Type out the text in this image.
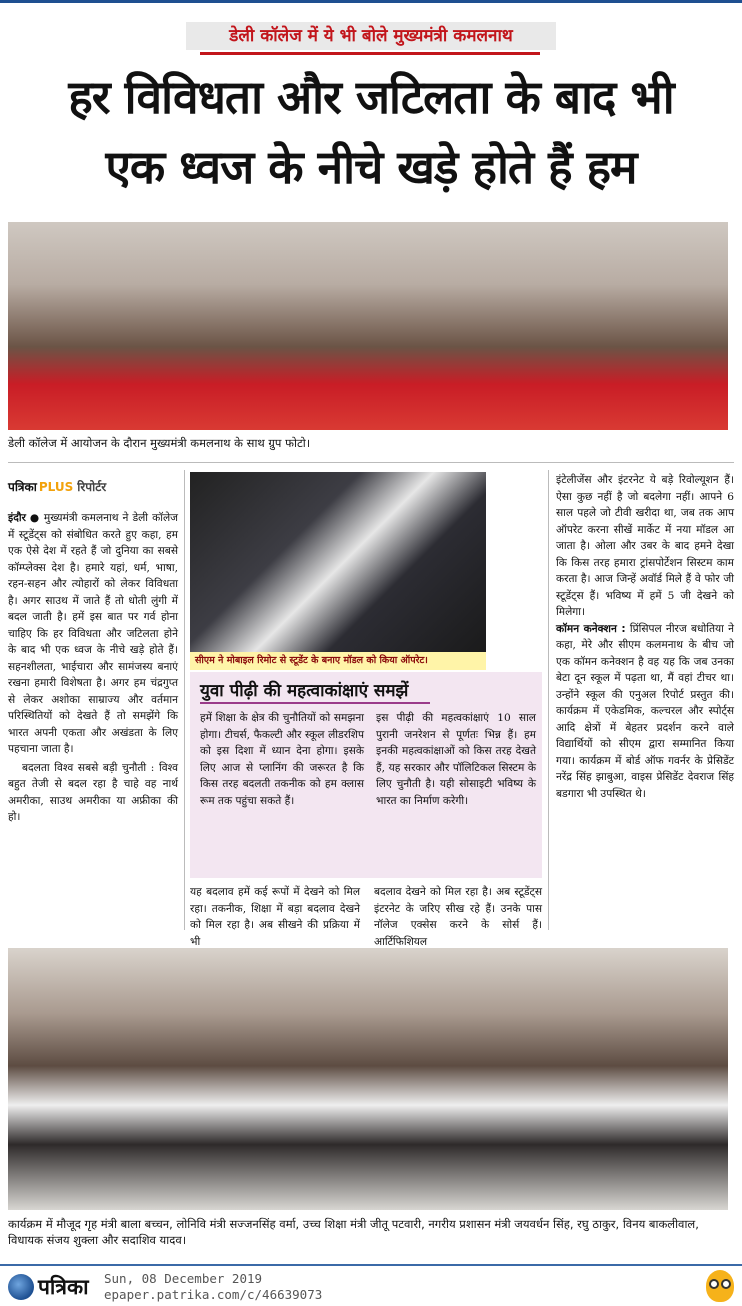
डेली कॉलेज में ये भी बोले मुख्यमंत्री कमलनाथ
हर विविधता और जटिलता के बाद भी
एक ध्वज के नीचे खड़े होते हैं हम
डेली कॉलेज में आयोजन के दौरान मुख्यमंत्री कमलनाथ के साथ ग्रुप फोटो।
पत्रिका PLUS रिपोर्टर
इंदौर ● मुख्यमंत्री कमलनाथ ने डेली कॉलेज में स्टूडेंट्स को संबोधित करते हुए कहा, हम एक ऐसे देश में रहते हैं जो दुनिया का सबसे कॉम्प्लेक्स देश है। हमारे यहां, धर्म, भाषा, रहन-सहन और त्योहारों को लेकर विविधता है। अगर साउथ में जाते हैं तो धोती लुंगी में बदल जाती है। हमें इस बात पर गर्व होना चाहिए कि हर विविधता और जटिलता होने के बाद भी एक ध्वज के नीचे खड़े होते हैं। सहनशीलता, भाईचारा और सामंजस्य बनाएं रखना हमारी विशेषता है। अगर हम चंद्रगुप्त से लेकर अशोका साम्राज्य और वर्तमान परिस्थितियों को देखते हैं तो समझेंगे कि भारत अपनी एकता और अखंडता के लिए पहचाना जाता है।
बदलता विश्व सबसे बड़ी चुनौती : विश्व बहुत तेजी से बदल रहा है चाहे वह नार्थ अमरीका, साउथ अमरीका या अफ्रीका की हो।
सीएम ने मोबाइल रिमोट से स्टूडेंट के बनाए मॉडल को किया ऑपरेट।
युवा पीढ़ी की महत्वाकांक्षाएं समझें
हमें शिक्षा के क्षेत्र की चुनौतियों को समझना होगा। टीचर्स, फैकल्टी और स्कूल लीडरशिप को इस दिशा में ध्यान देना होगा। इसके लिए आज से प्लानिंग की जरूरत है कि किस तरह बदलती तकनीक को हम क्लास रूम तक पहुंचा सकते हैं।
इस पीढ़ी की महत्वकांक्षाएं 10 साल पुरानी जनरेशन से पूर्णतः भिन्न हैं। हम इनकी महत्वकांक्षाओं को किस तरह देखते हैं, यह सरकार और पॉलिटिकल सिस्टम के लिए चुनौती है। यही सोसाइटी भविष्य के भारत का निर्माण करेगी।
यह बदलाव हमें कई रूपों में देखने को मिल रहा। तकनीक, शिक्षा में बड़ा बदलाव देखने को मिल रहा है। अब सीखने की प्रक्रिया में भी
बदलाव देखने को मिल रहा है। अब स्टूडेंट्स इंटरनेट के जरिए सीख रहे हैं। उनके पास नॉलेज एक्सेस करने के सोर्स हैं। आर्टिफिशियल
इंटेलीजेंस और इंटरनेट ये बड़े रिवोल्यूशन हैं। ऐसा कुछ नहीं है जो बदलेगा नहीं। आपने 6 साल पहले जो टीवी खरीदा था, जब तक आप ऑपरेट करना सीखें मार्केट में नया मॉडल आ जाता है। ओला और उबर के बाद हमने देखा कि किस तरह हमारा ट्रांसपोर्टेशन सिस्टम काम करता है। आज जिन्हें अवॉर्ड मिले हैं वे फोर जी स्टूडेंट्स हैं। भविष्य में हमें 5 जी देखने को मिलेगा।
कॉमन कनेक्शन : प्रिंसिपल नीरज बधोतिया ने कहा, मेरे और सीएम कलमनाथ के बीच जो एक कॉमन कनेक्शन है वह यह कि जब उनका बेटा दून स्कूल में पढ़ता था, मैं वहां टीचर था। उन्होंने स्कूल की एनुअल रिपोर्ट प्रस्तुत की। कार्यक्रम में एकेडमिक, कल्चरल और स्पोर्ट्स आदि क्षेत्रों में बेहतर प्रदर्शन करने वाले विद्यार्थियों को सीएम द्वारा सम्मानित किया गया। कार्यक्रम में बोर्ड ऑफ गवर्नर के प्रेसिडेंट नरेंद्र सिंह झाबुआ, वाइस प्रेसिडेंट देवराज सिंह बडगारा भी उपस्थित थे।
कार्यक्रम में मौजूद गृह मंत्री बाला बच्चन, लोनिवि मंत्री सज्जनसिंह वर्मा, उच्च शिक्षा मंत्री जीतू पटवारी, नगरीय प्रशासन मंत्री जयवर्धन सिंह, रघु ठाकुर, विनय बाकलीवाल, विधायक संजय शुक्ला और सदाशिव यादव।
पत्रिका Sun, 08 December 2019
epaper.patrika.com/c/46639073
